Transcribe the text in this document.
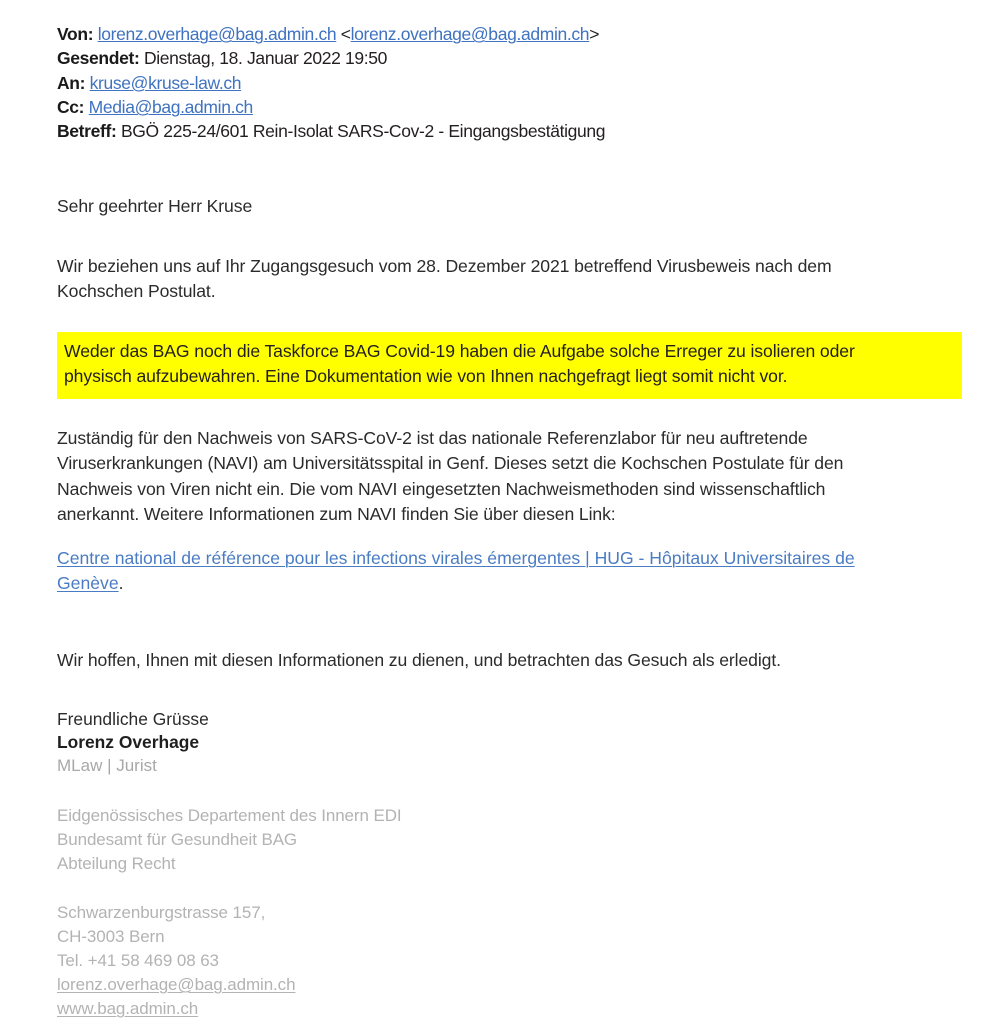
Von: lorenz.overhage@bag.admin.ch <lorenz.overhage@bag.admin.ch>
Gesendet: Dienstag, 18. Januar 2022 19:50
An: kruse@kruse-law.ch
Cc: Media@bag.admin.ch
Betreff: BGÖ 225-24/601 Rein-Isolat SARS-Cov-2 - Eingangsbestätigung

Sehr geehrter Herr Kruse

Wir beziehen uns auf Ihr Zugangsgesuch vom 28. Dezember 2021 betreffend Virusbeweis nach dem Kochschen Postulat.

Weder das BAG noch die Taskforce BAG Covid-19 haben die Aufgabe solche Erreger zu isolieren oder physisch aufzubewahren. Eine Dokumentation wie von Ihnen nachgefragt liegt somit nicht vor.

Zuständig für den Nachweis von SARS-CoV-2 ist das nationale Referenzlabor für neu auftretende Viruserkrankungen (NAVI) am Universitätsspital in Genf. Dieses setzt die Kochschen Postulate für den Nachweis von Viren nicht ein. Die vom NAVI eingesetzten Nachweismethoden sind wissenschaftlich anerkannt. Weitere Informationen zum NAVI finden Sie über diesen Link:

Centre national de référence pour les infections virales émergentes | HUG - Hôpitaux Universitaires de Genève.

Wir hoffen, Ihnen mit diesen Informationen zu dienen, und betrachten das Gesuch als erledigt.

Freundliche Grüsse
Lorenz Overhage
MLaw | Jurist
Eidgenössisches Departement des Innern EDI
Bundesamt für Gesundheit BAG
Abteilung Recht
Schwarzenburgstrasse 157,
CH-3003 Bern
Tel. +41 58 469 08 63
lorenz.overhage@bag.admin.ch
www.bag.admin.ch
